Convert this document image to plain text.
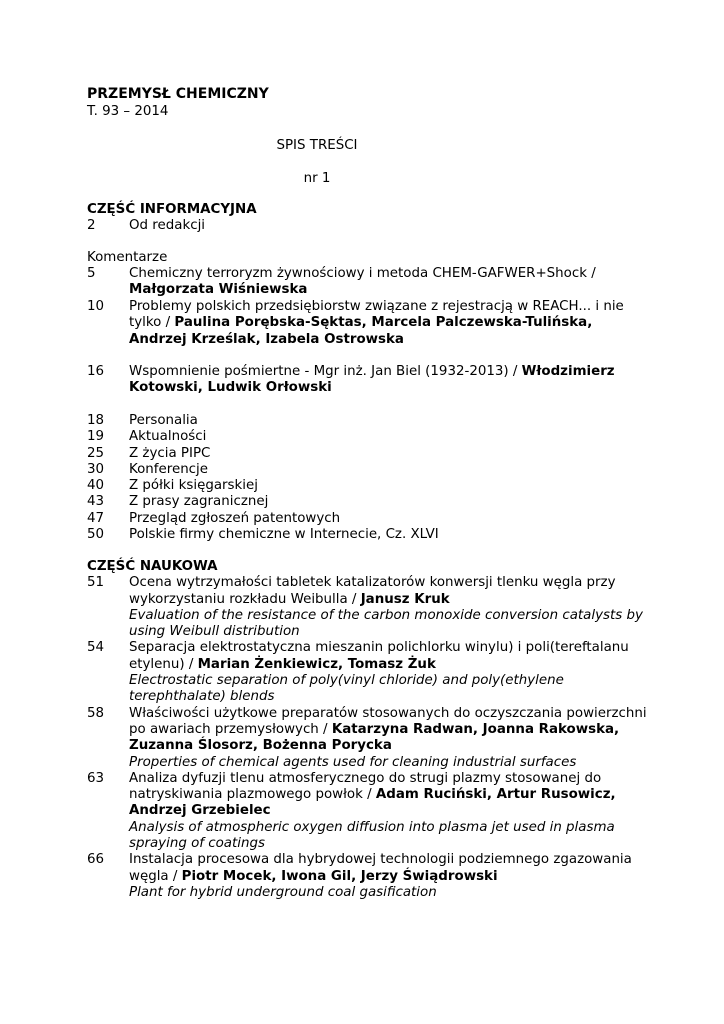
PRZEMYSŁ CHEMICZNY
T. 93 – 2014
SPIS TREŚCI
nr 1
CZĘŚĆ INFORMACYJNA
2	Od redakcji
Komentarze
5	Chemiczny terroryzm żywnościowy i metoda CHEM-GAFWER+Shock / Małgorzata Wiśniewska
10	Problemy polskich przedsiębiorstw związane z rejestracją w REACH... i nie tylko / Paulina Porębska-Sęktas, Marcela Palczewska-Tulińska, Andrzej Krześlak, Izabela Ostrowska
16	Wspomnienie pośmiertne - Mgr inż. Jan Biel (1932-2013) / Włodzimierz Kotowski, Ludwik Orłowski
18	Personalia
19	Aktualności
25	Z życia PIPC
30	Konferencje
40	Z półki księgarskiej
43	Z prasy zagranicznej
47	Przegląd zgłoszeń patentowych
50	Polskie firmy chemiczne w Internecie, Cz. XLVI
CZĘŚĆ NAUKOWA
51	Ocena wytrzymałości tabletek katalizatorów konwersji tlenku węgla przy wykorzystaniu rozkładu Weibulla / Janusz Kruk
Evaluation of the resistance of the carbon monoxide conversion catalysts by using Weibull distribution
54	Separacja elektrostatyczna mieszanin polichlorku winylu) i poli(tereftalanu etylenu) / Marian Żenkiewicz, Tomasz Żuk
Electrostatic separation of poly(vinyl chloride) and poly(ethylene terephthalate) blends
58	Właściwości użytkowe preparatów stosowanych do oczyszczania powierzchni po awariach przemysłowych / Katarzyna Radwan, Joanna Rakowska, Zuzanna Ślosorz, Bożenna Porycka
Properties of chemical agents used for cleaning industrial surfaces
63	Analiza dyfuzji tlenu atmosferycznego do strugi plazmy stosowanej do natryskiwania plazmowego powłok / Adam Ruciński, Artur Rusowicz, Andrzej Grzebielec
Analysis of atmospheric oxygen diffusion into plasma jet used in plasma spraying of coatings
66	Instalacja procesowa dla hybrydowej technologii podziemnego zgazowania węgla / Piotr Mocek, Iwona Gil, Jerzy Świądrowski
Plant for hybrid underground coal gasification
